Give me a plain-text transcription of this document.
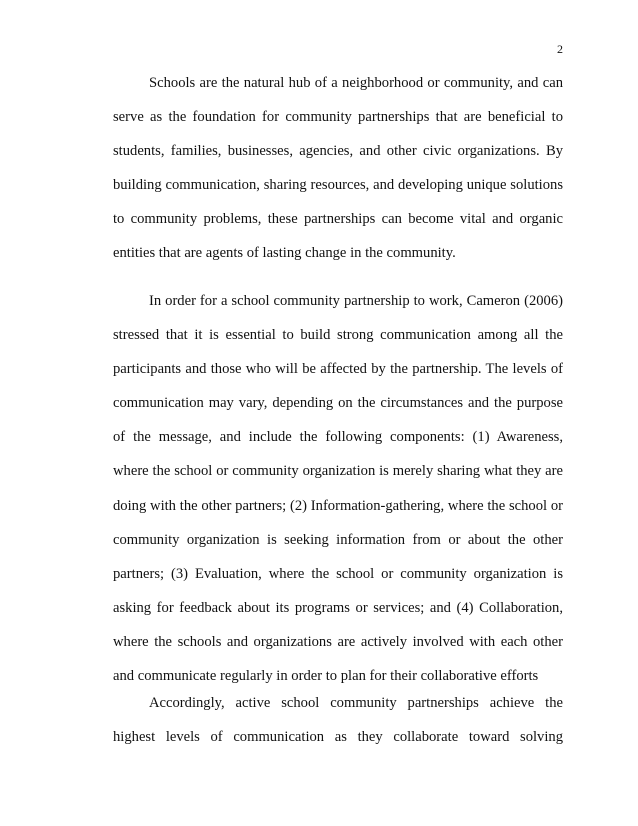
2

Schools are the natural hub of a neighborhood or community, and can
serve as the foundation for community partnerships that are beneficial to
students, families, businesses, agencies, and other civic organizations. By
building communication, sharing resources, and developing unique solutions
to community problems, these partnerships can become vital and organic
entities that are agents of lasting change in the community.

In order for a school community partnership to work, Cameron (2006)
stressed that it is essential to build strong communication among all the
participants and those who will be affected by the partnership. The levels of
communication may vary, depending on the circumstances and the purpose
of the message, and include the following components: (1) Awareness,
where the school or community organization is merely sharing what they are
doing with the other partners; (2) Information-gathering, where the school or
community organization is seeking information from or about the other
partners; (3) Evaluation, where the school or community organization is
asking for feedback about its programs or services; and (4) Collaboration,
where the schools and organizations are actively involved with each other
and communicate regularly in order to plan for their collaborative efforts

Accordingly, active school community partnerships achieve the
highest levels of communication as they collaborate toward solving
